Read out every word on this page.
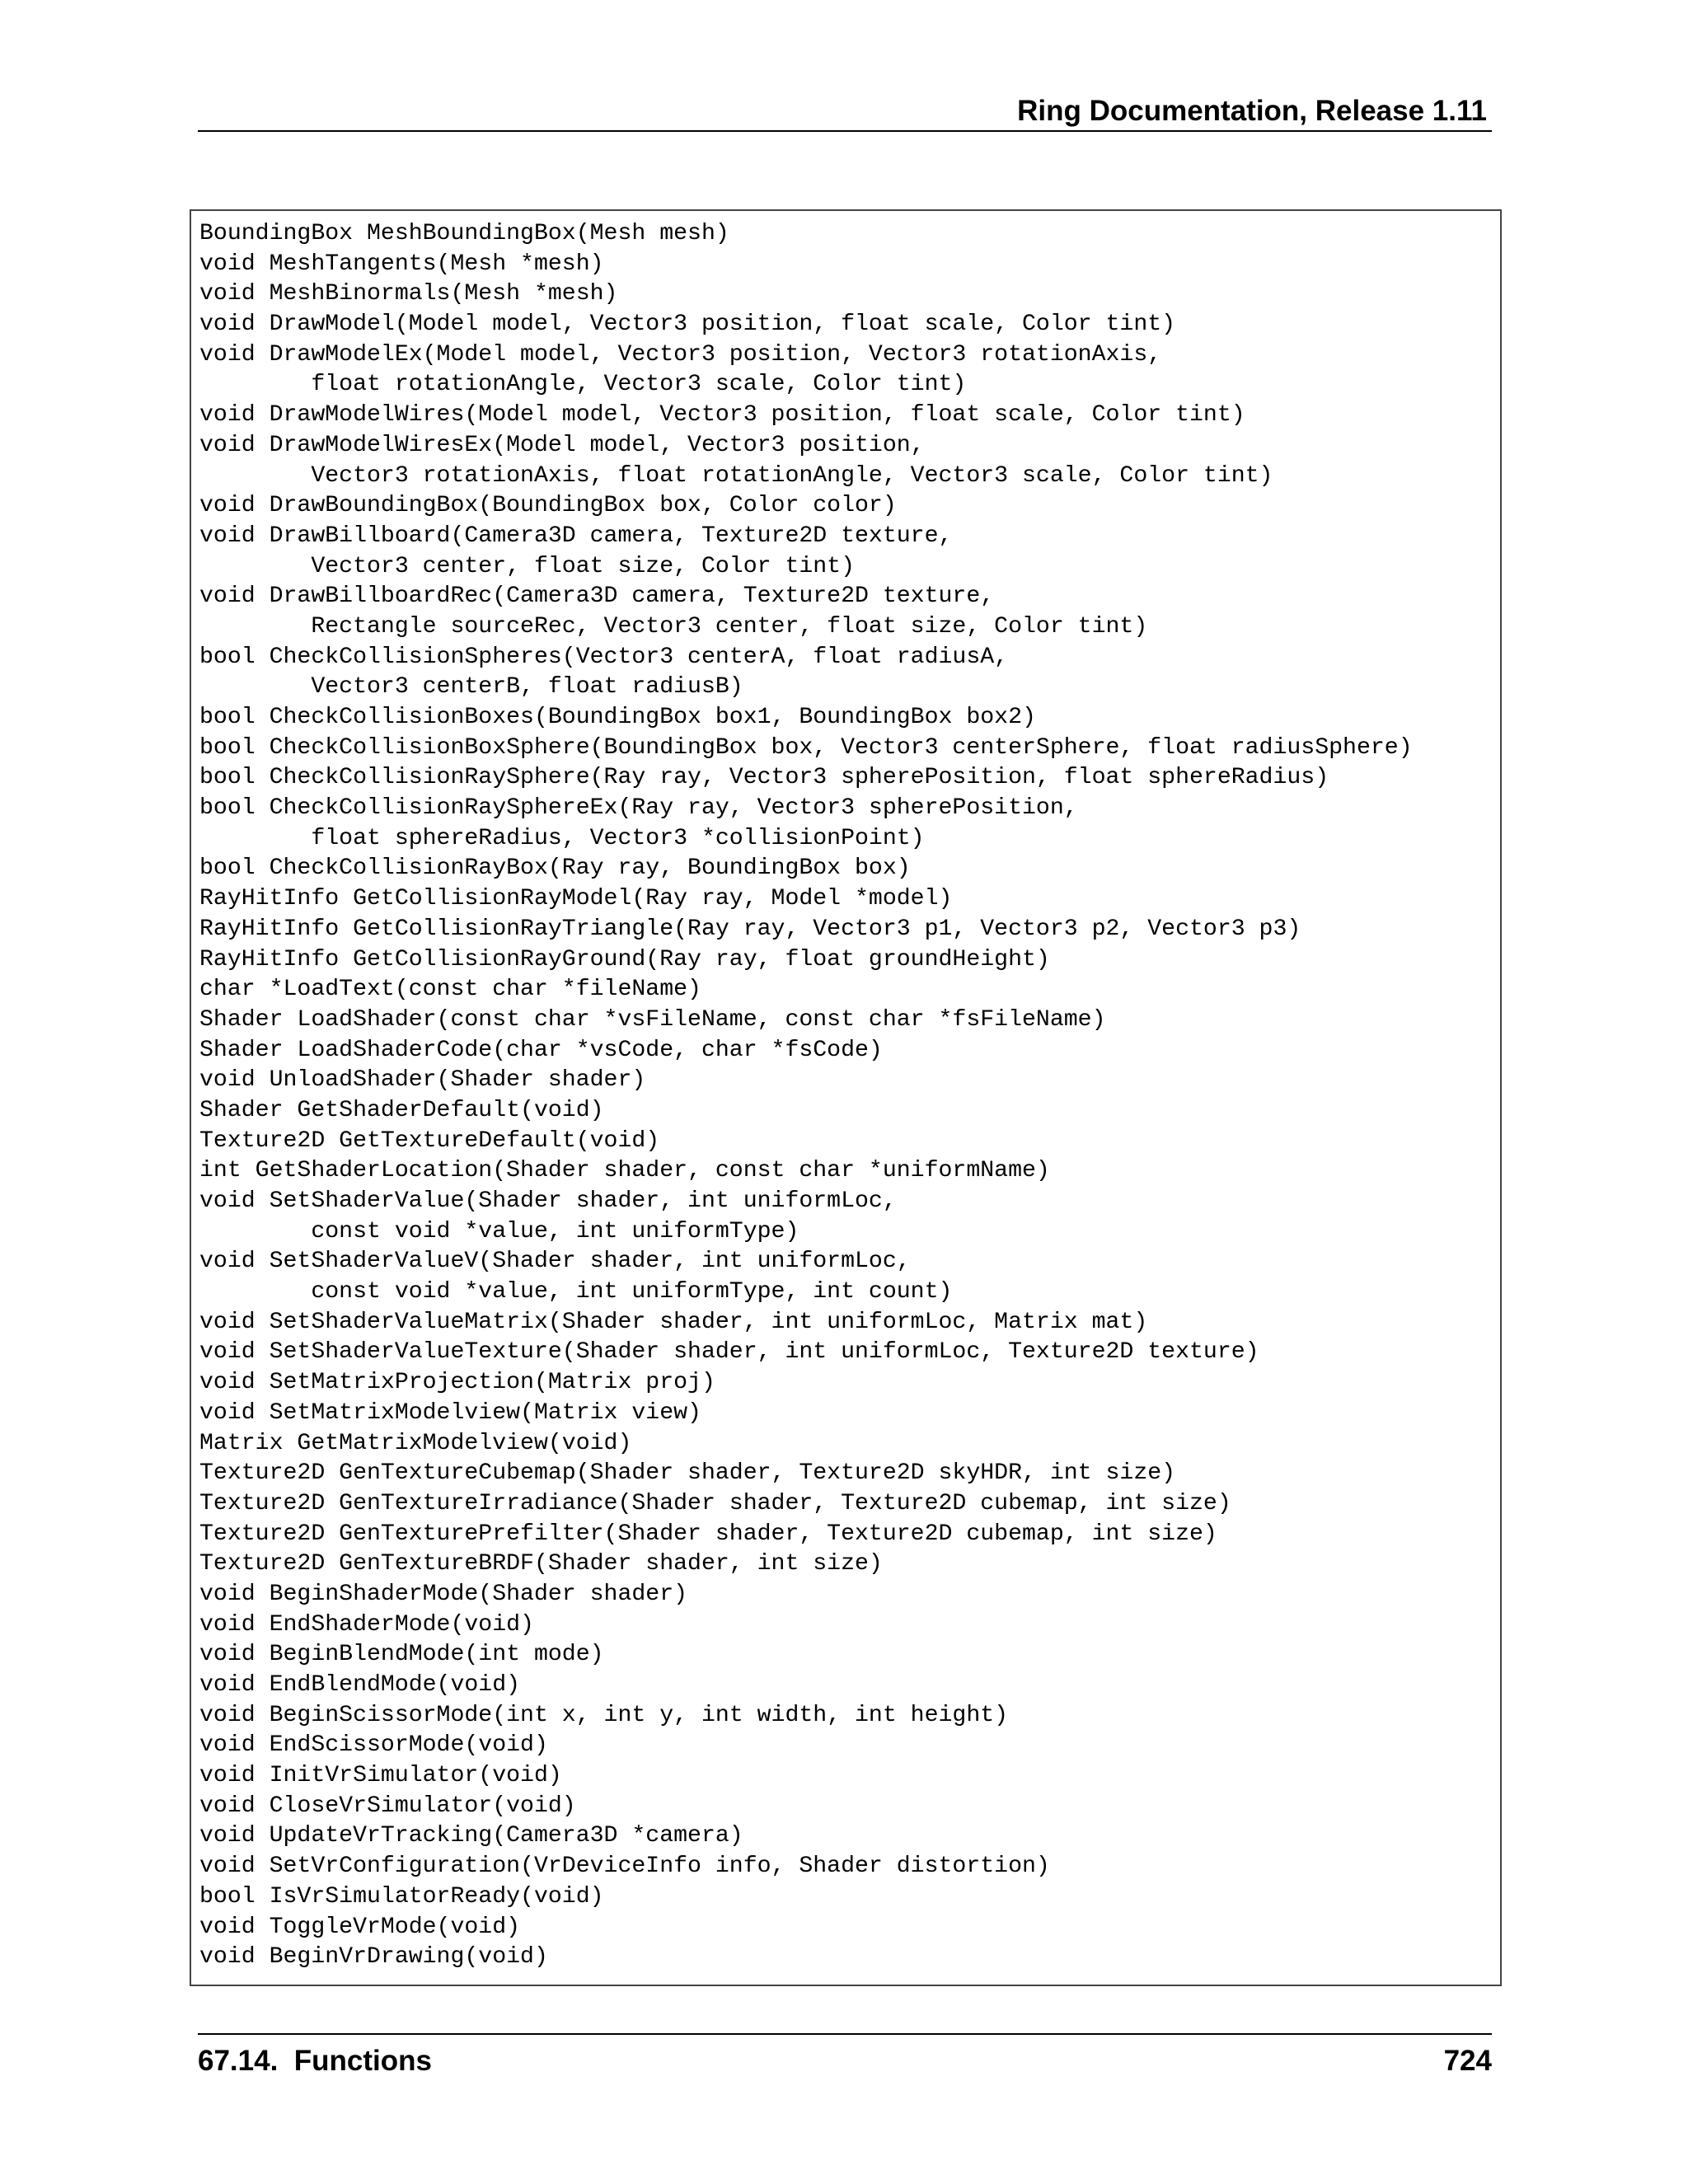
Ring Documentation, Release 1.11
BoundingBox MeshBoundingBox(Mesh mesh)
void MeshTangents(Mesh *mesh)
void MeshBinormals(Mesh *mesh)
void DrawModel(Model model, Vector3 position, float scale, Color tint)
void DrawModelEx(Model model, Vector3 position, Vector3 rotationAxis,
float rotationAngle, Vector3 scale, Color tint)
void DrawModelWires(Model model, Vector3 position, float scale, Color tint)
void DrawModelWiresEx(Model model, Vector3 position,
Vector3 rotationAxis, float rotationAngle, Vector3 scale, Color tint)
void DrawBoundingBox(BoundingBox box, Color color)
void DrawBillboard(Camera3D camera, Texture2D texture,
Vector3 center, float size, Color tint)
void DrawBillboardRec(Camera3D camera, Texture2D texture,
Rectangle sourceRec, Vector3 center, float size, Color tint)
bool CheckCollisionSpheres(Vector3 centerA, float radiusA,
Vector3 centerB, float radiusB)
bool CheckCollisionBoxes(BoundingBox box1, BoundingBox box2)
bool CheckCollisionBoxSphere(BoundingBox box, Vector3 centerSphere, float radiusSphere)
bool CheckCollisionRaySphere(Ray ray, Vector3 spherePosition, float sphereRadius)
bool CheckCollisionRaySphereEx(Ray ray, Vector3 spherePosition,
float sphereRadius, Vector3 *collisionPoint)
bool CheckCollisionRayBox(Ray ray, BoundingBox box)
RayHitInfo GetCollisionRayModel(Ray ray, Model *model)
RayHitInfo GetCollisionRayTriangle(Ray ray, Vector3 p1, Vector3 p2, Vector3 p3)
RayHitInfo GetCollisionRayGround(Ray ray, float groundHeight)
char *LoadText(const char *fileName)
Shader LoadShader(const char *vsFileName, const char *fsFileName)
Shader LoadShaderCode(char *vsCode, char *fsCode)
void UnloadShader(Shader shader)
Shader GetShaderDefault(void)
Texture2D GetTextureDefault(void)
int GetShaderLocation(Shader shader, const char *uniformName)
void SetShaderValue(Shader shader, int uniformLoc,
const void *value, int uniformType)
void SetShaderValueV(Shader shader, int uniformLoc,
const void *value, int uniformType, int count)
void SetShaderValueMatrix(Shader shader, int uniformLoc, Matrix mat)
void SetShaderValueTexture(Shader shader, int uniformLoc, Texture2D texture)
void SetMatrixProjection(Matrix proj)
void SetMatrixModelview(Matrix view)
Matrix GetMatrixModelview(void)
Texture2D GenTextureCubemap(Shader shader, Texture2D skyHDR, int size)
Texture2D GenTextureIrradiance(Shader shader, Texture2D cubemap, int size)
Texture2D GenTexturePrefilter(Shader shader, Texture2D cubemap, int size)
Texture2D GenTextureBRDF(Shader shader, int size)
void BeginShaderMode(Shader shader)
void EndShaderMode(void)
void BeginBlendMode(int mode)
void EndBlendMode(void)
void BeginScissorMode(int x, int y, int width, int height)
void EndScissorMode(void)
void InitVrSimulator(void)
void CloseVrSimulator(void)
void UpdateVrTracking(Camera3D *camera)
void SetVrConfiguration(VrDeviceInfo info, Shader distortion)
bool IsVrSimulatorReady(void)
void ToggleVrMode(void)
void BeginVrDrawing(void)
67.14.  Functions	724
